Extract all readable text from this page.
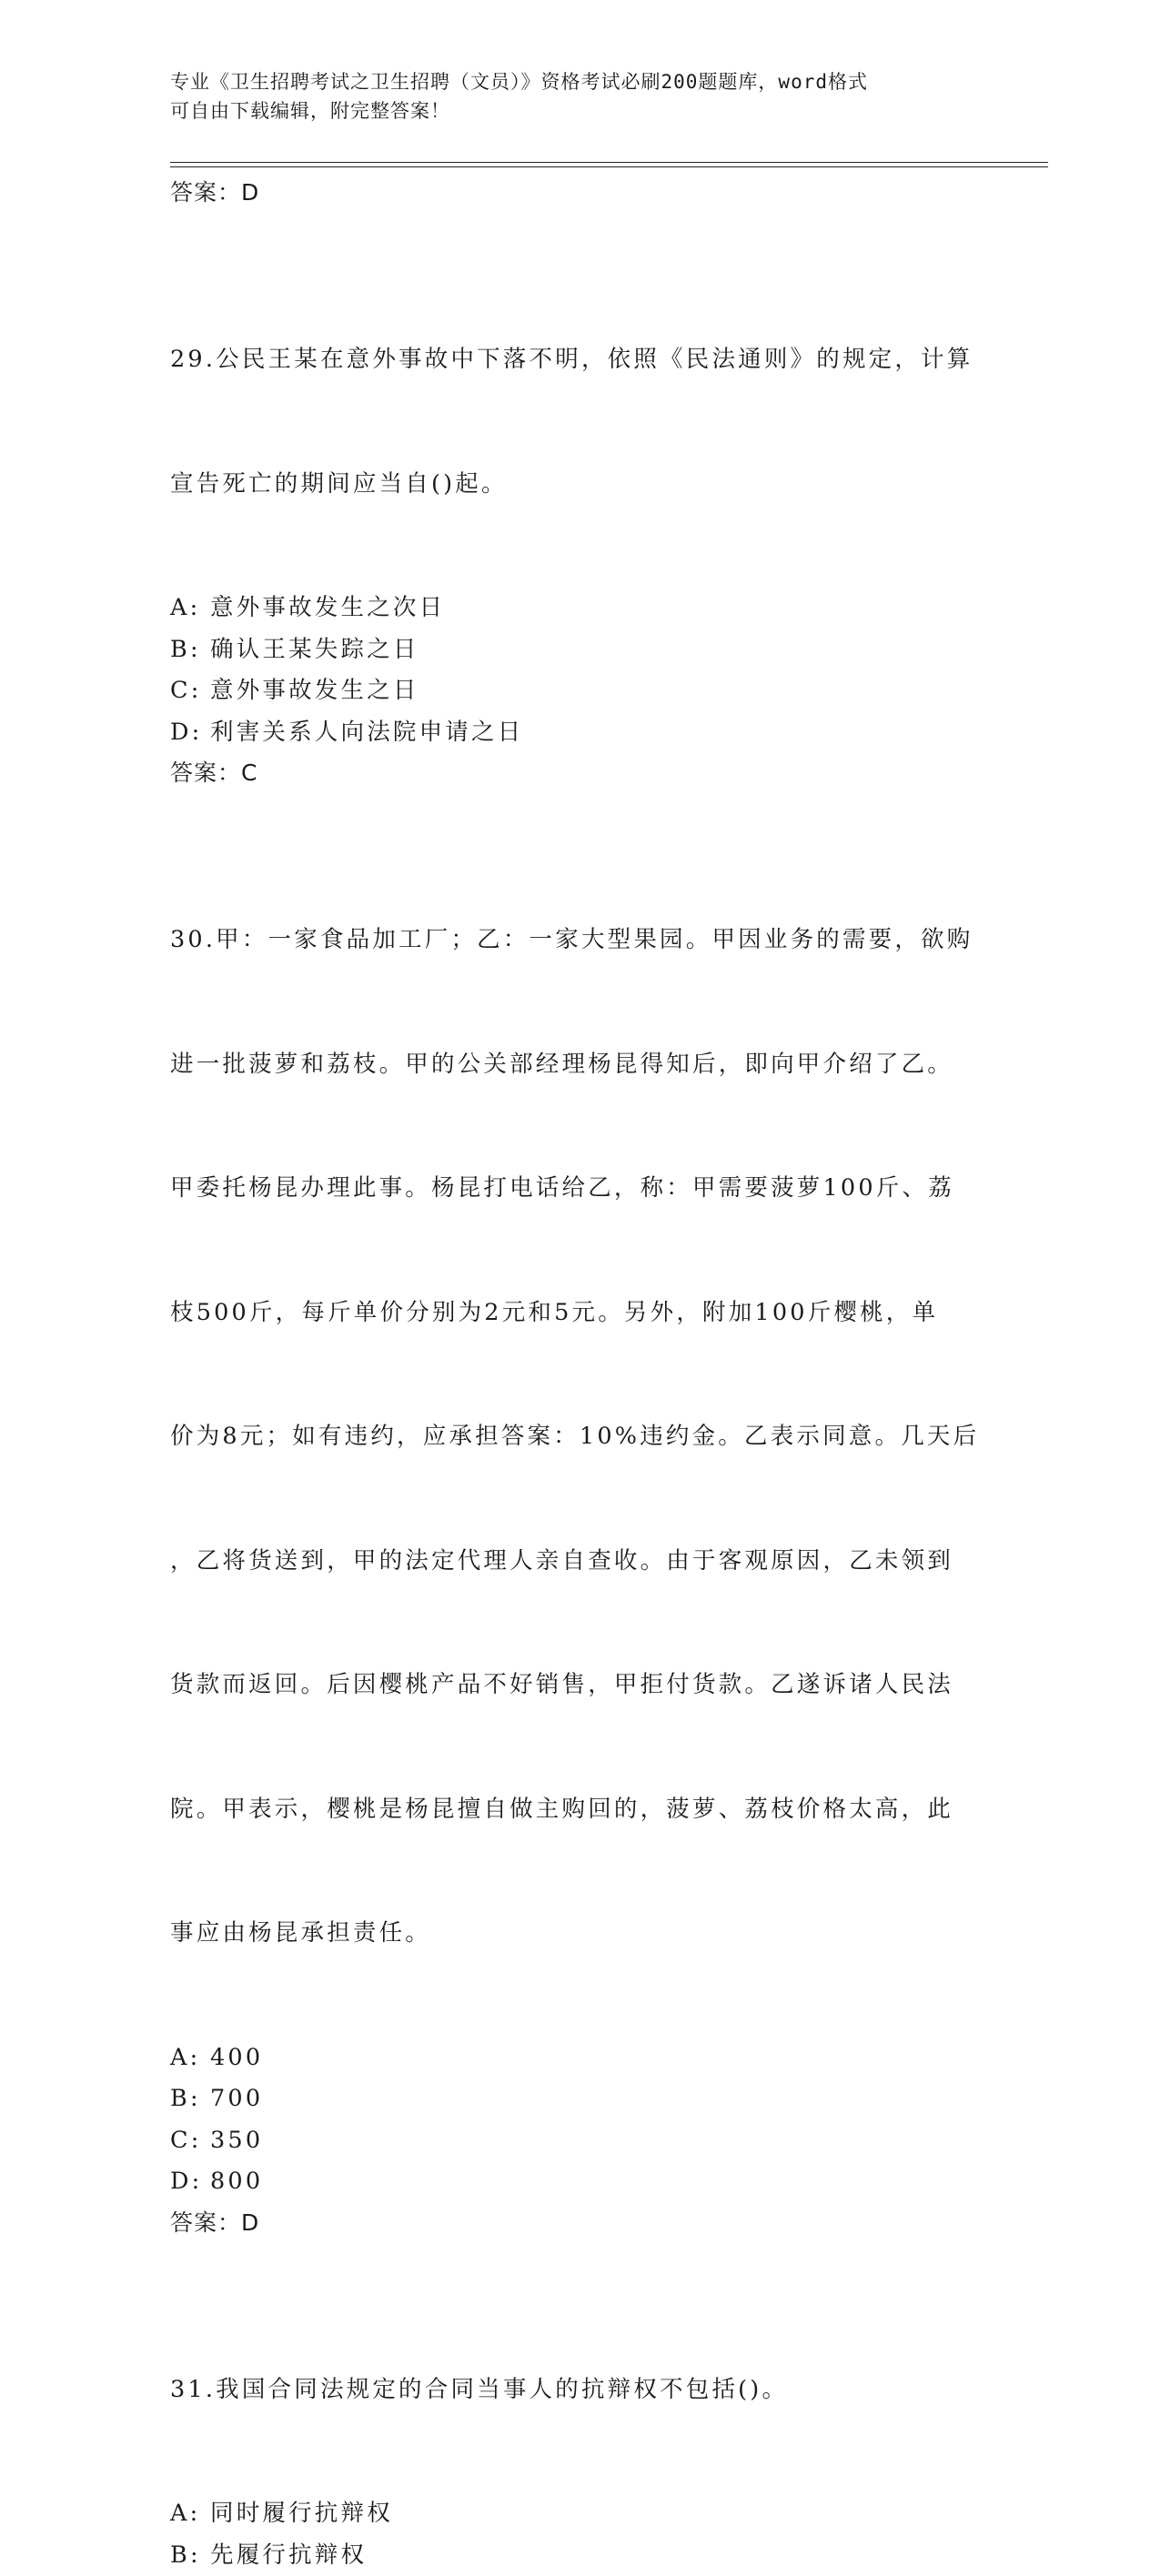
专业《卫生招聘考试之卫生招聘（文员）》资格考试必刷200题题库，word格式
可自由下载编辑，附完整答案！
答案：D

29.公民王某在意外事故中下落不明，依照《民法通则》的规定，计算

宣告死亡的期间应当自()起。

A: 意外事故发生之次日
B: 确认王某失踪之日
C: 意外事故发生之日
D: 利害关系人向法院申请之日
答案：C

30.甲：一家食品加工厂；乙：一家大型果园。甲因业务的需要，欲购

进一批菠萝和荔枝。甲的公关部经理杨昆得知后，即向甲介绍了乙。

甲委托杨昆办理此事。杨昆打电话给乙，称：甲需要菠萝100斤、荔

枝500斤，每斤单价分别为2元和5元。另外，附加100斤樱桃，单

价为8元；如有违约，应承担答案：10%违约金。乙表示同意。几天后

，乙将货送到，甲的法定代理人亲自查收。由于客观原因，乙未领到

货款而返回。后因樱桃产品不好销售，甲拒付货款。乙遂诉诸人民法

院。甲表示，樱桃是杨昆擅自做主购回的，菠萝、荔枝价格太高，此

事应由杨昆承担责任。

A: 400
B: 700
C: 350
D: 800
答案：D

31.我国合同法规定的合同当事人的抗辩权不包括()。

A: 同时履行抗辩权
B: 先履行抗辩权
